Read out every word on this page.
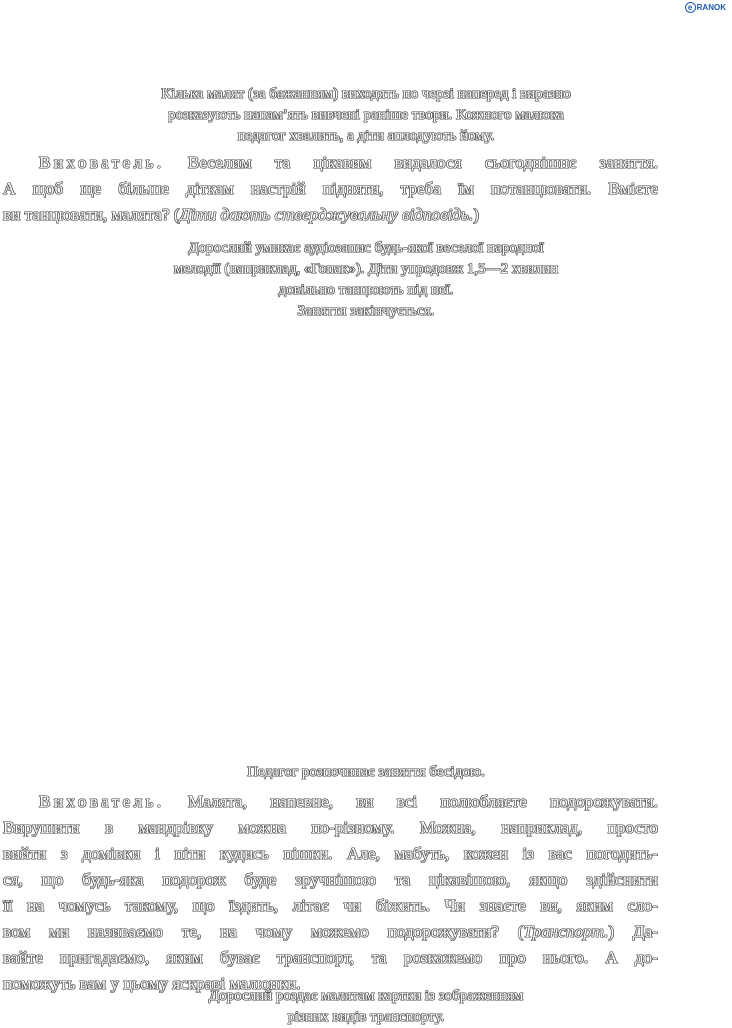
e RANOK
Кілька малят (за бажанням) виходять по черзі наперед і виразно
розказують напам’ять вивчені раніше твори. Кожного малюка
педагог хвалить, а діти аплодують йому.
Вихователь. Веселим та цікавим видалося сьогоднішнє заняття.
А щоб ще більше діткам настрій підняти, треба їм потанцювати. Вмієте
ви танцювати, малята? (Діти дають стверджувальну відповідь.)
Дорослий умикає аудіозапис будь-якої веселої народної
мелодії (наприклад, «Гопак»). Діти упродовж 1,5—2 хвилин
довільно танцюють під неї.
Заняття закінчується.
Педагог розпочинає заняття бесідою.
Вихователь. Малята, напевне, ви всі полюбляєте подорожувати.
Вирушити в мандрівку можна по-різному. Можна, наприклад, просто
вийти з домівки і піти кудись пішки. Але, мабуть, кожен із вас погодить-
ся, що будь-яка подорож буде зручнішою та цікавішою, якщо здійснити
її на чомусь такому, що їздить, літає чи біжить. Чи знаєте ви, яким сло-
вом ми називаємо те, на чому можемо подорожувати? (Транспорт.) Да-
вайте пригадаємо, яким буває транспорт, та розкажемо про нього. А до-
поможуть вам у цьому яскраві малюнки.
Дорослий роздає малятам картки із зображенням
різних видів транспорту.
